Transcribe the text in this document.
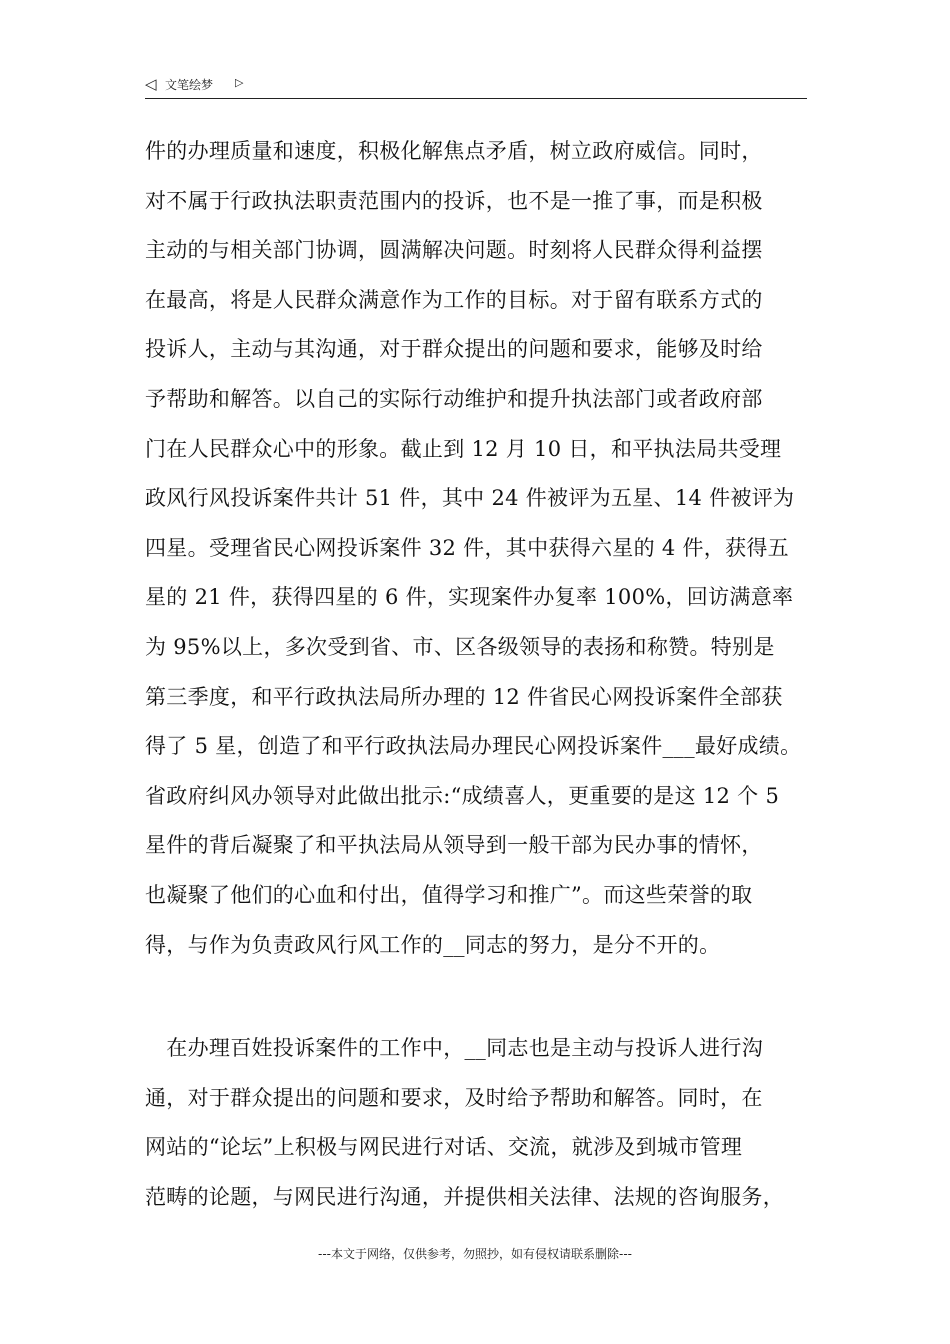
◁ 文笔绘梦 ▷
件的办理质量和速度，积极化解焦点矛盾，树立政府威信。同时，
对不属于行政执法职责范围内的投诉，也不是一推了事，而是积极
主动的与相关部门协调，圆满解决问题。时刻将人民群众得利益摆
在最高，将是人民群众满意作为工作的目标。对于留有联系方式的
投诉人，主动与其沟通，对于群众提出的问题和要求，能够及时给
予帮助和解答。以自己的实际行动维护和提升执法部门或者政府部
门在人民群众心中的形象。截止到 12 月 10 日，和平执法局共受理
政风行风投诉案件共计 51 件，其中 24 件被评为五星、14 件被评为
四星。受理省民心网投诉案件 32 件，其中获得六星的 4 件，获得五
星的 21 件，获得四星的 6 件，实现案件办复率 100%，回访满意率
为 95%以上，多次受到省、市、区各级领导的表扬和称赞。特别是
第三季度，和平行政执法局所办理的 12 件省民心网投诉案件全部获
得了 5 星，创造了和平行政执法局办理民心网投诉案件___最好成绩。
省政府纠风办领导对此做出批示:“成绩喜人，更重要的是这 12 个 5
星件的背后凝聚了和平执法局从领导到一般干部为民办事的情怀，
也凝聚了他们的心血和付出，值得学习和推广”。而这些荣誉的取
得，与作为负责政风行风工作的__同志的努力，是分不开的。
　在办理百姓投诉案件的工作中，__同志也是主动与投诉人进行沟
通，对于群众提出的问题和要求，及时给予帮助和解答。同时，在
网站的“论坛”上积极与网民进行对话、交流，就涉及到城市管理
范畴的论题，与网民进行沟通，并提供相关法律、法规的咨询服务，
---本文于网络，仅供参考，勿照抄，如有侵权请联系删除---
